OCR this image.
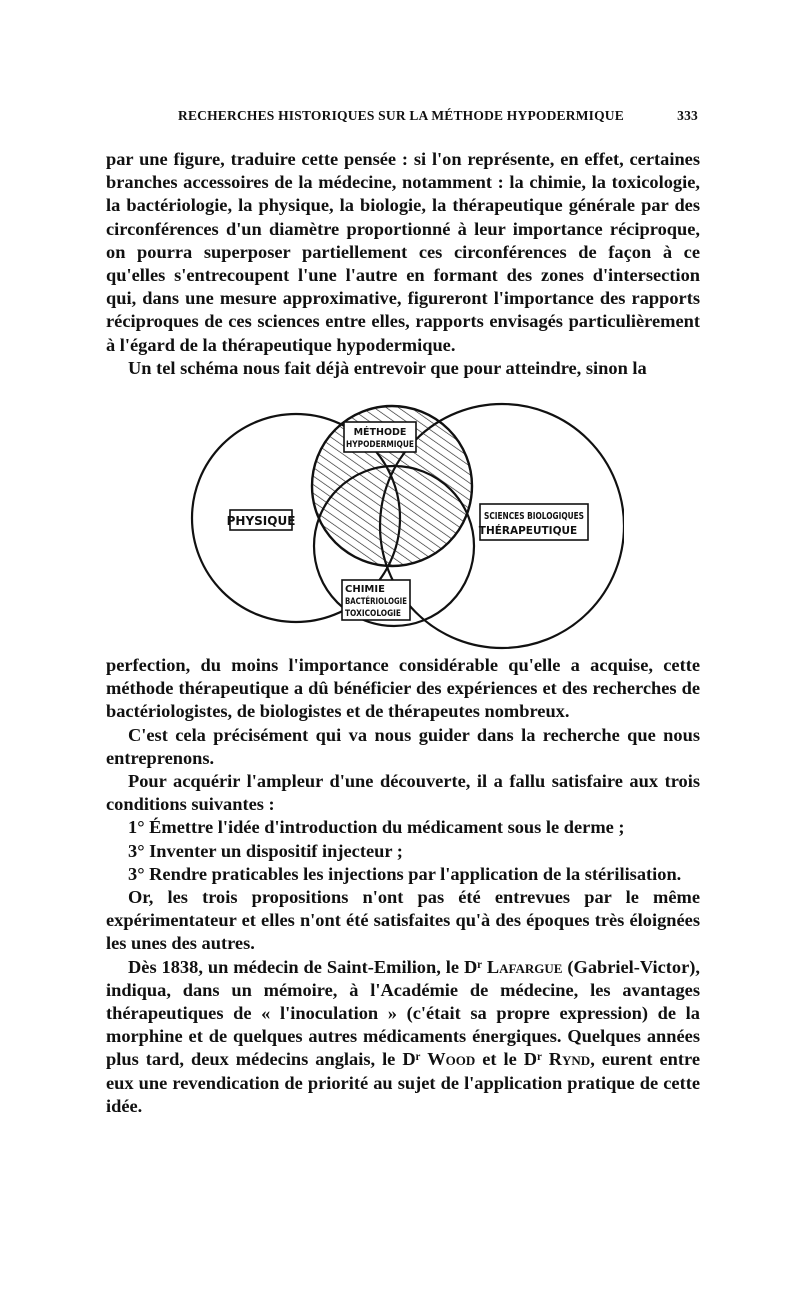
RECHERCHES HISTORIQUES SUR LA MÉTHODE HYPODERMIQUE	333

par une figure, traduire cette pensée : si l'on représente, en effet, certaines branches accessoires de la médecine, notamment : la chimie, la toxicologie, la bactériologie, la physique, la biologie, la thérapeutique générale par des circonférences d'un diamètre proportionné à leur importance réciproque, on pourra superposer partiellement ces circonférences de façon à ce qu'elles s'entrecoupent l'une l'autre en formant des zones d'intersection qui, dans une mesure approximative, figureront l'importance des rapports réciproques de ces sciences entre elles, rapports envisagés particulièrement à l'égard de la thérapeutique hypodermique.

Un tel schéma nous fait déjà entrevoir que pour atteindre, sinon la

MÉTHODE
HYPODERMIQUE
PHYSIQUE	SCIENCES BIOLOGIQUES
THÉRAPEUTIQUE
CHIMIE
BACTÉRIOLOGIE
TOXICOLOGIE

perfection, du moins l'importance considérable qu'elle a acquise, cette méthode thérapeutique a dû bénéficier des expériences et des recherches de bactériologistes, de biologistes et de thérapeutes nombreux.

C'est cela précisément qui va nous guider dans la recherche que nous entreprenons.

Pour acquérir l'ampleur d'une découverte, il a fallu satisfaire aux trois conditions suivantes :

1° Émettre l'idée d'introduction du médicament sous le derme ;

3° Inventer un dispositif injecteur ;

3° Rendre praticables les injections par l'application de la stérilisation.

Or, les trois propositions n'ont pas été entrevues par le même expérimentateur et elles n'ont été satisfaites qu'à des époques très éloignées les unes des autres.

Dès 1838, un médecin de Saint-Emilion, le Dʳ Lafargue (Gabriel-Victor), indiqua, dans un mémoire, à l'Académie de médecine, les avantages thérapeutiques de « l'inoculation » (c'était sa propre expression) de la morphine et de quelques autres médicaments énergiques. Quelques années plus tard, deux médecins anglais, le Dʳ Wood et le Dʳ Rynd, eurent entre eux une revendication de priorité au sujet de l'application pratique de cette idée.
